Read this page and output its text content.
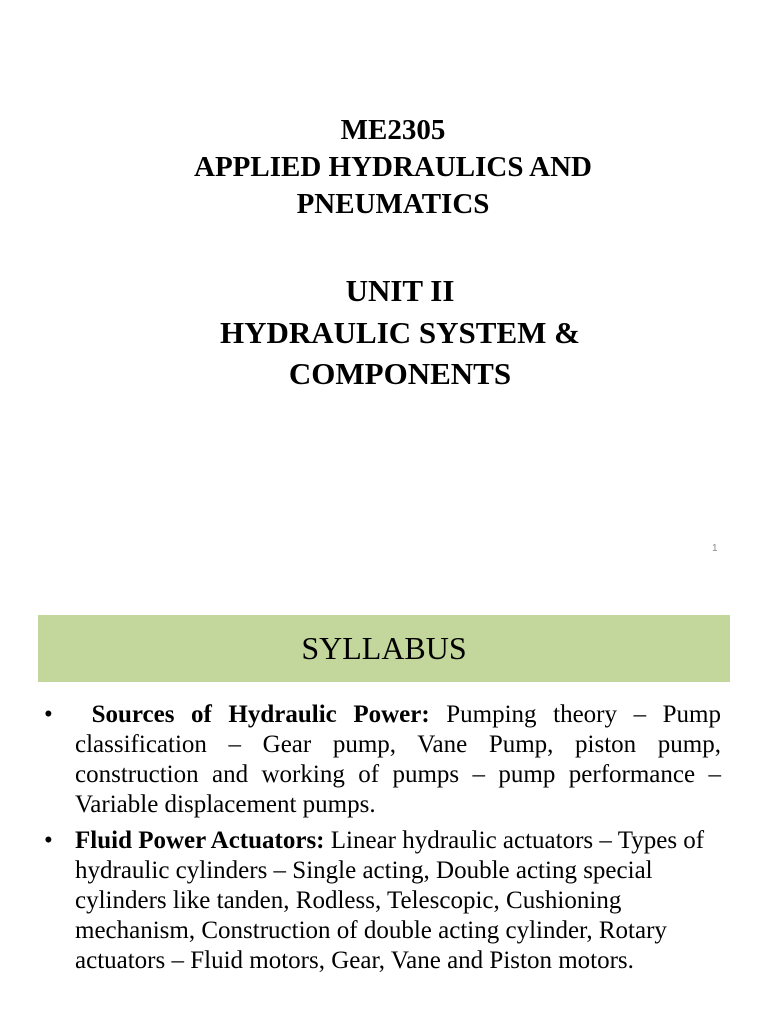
ME2305
APPLIED HYDRAULICS AND
PNEUMATICS
UNIT II
HYDRAULIC SYSTEM &
COMPONENTS
1
SYLLABUS
• Sources of Hydraulic Power: Pumping theory – Pump classification – Gear pump, Vane Pump, piston pump, construction and working of pumps – pump performance – Variable displacement pumps.
• Fluid Power Actuators: Linear hydraulic actuators – Types of hydraulic cylinders – Single acting, Double acting special cylinders like tanden, Rodless, Telescopic, Cushioning mechanism, Construction of double acting cylinder, Rotary actuators – Fluid motors, Gear, Vane and Piston motors.
